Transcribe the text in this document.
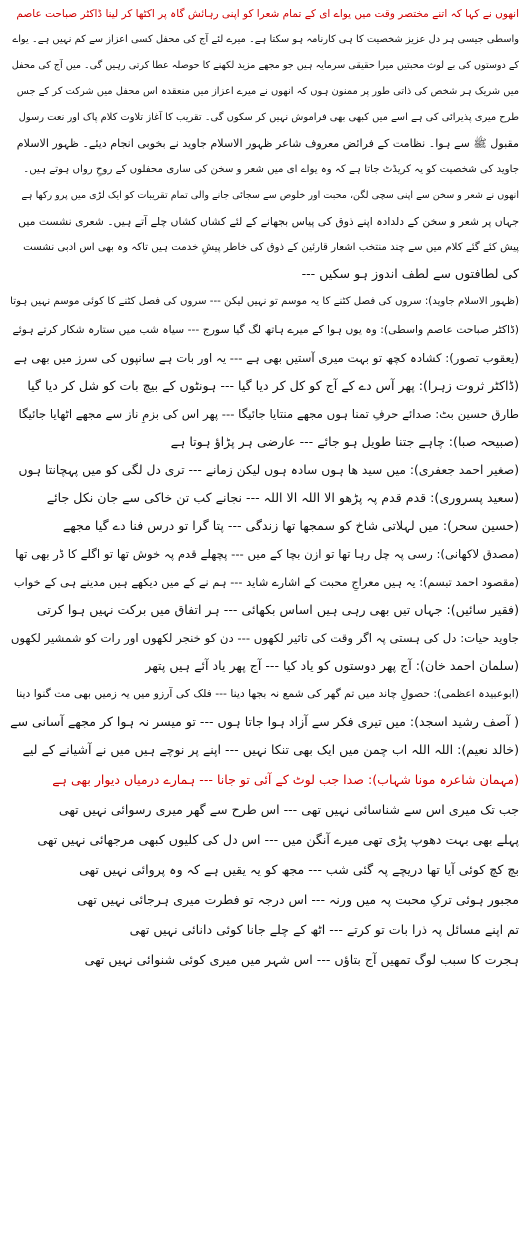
انھوں نے کہا کہ اتنے مختصر وقت میں یواے ای کے تمام شعرا کو اپنی رہائش گاہ پر اکٹھا کر لینا ڈاکٹر صباحت عاصم
واسطی جیسی ہر دل عزیز شخصیت کا ہی کارنامہ ہو سکتا ہے۔ میرے لئے آج کی محفل کسی اعزاز سے کم نہیں ہے۔ یواے
کے دوستوں کی بے لوث محبتیں میرا حقیقی سرمایہ ہیں جو مجھے مزید لکھنے کا حوصلہ عطا کرتی رہیں گی۔ میں آج کی محفل
میں شریک ہر شخص کی ذاتی طور پر ممنون ہوں کہ انھوں نے میرے اعزاز میں منعقدہ اس محفل میں شرکت کر کے جس
طرح میری پذیرائی کی ہے اسے میں کبھی بھی فراموش نہیں کر سکوں گی۔ تقریب کا آغاز تلاوت کلام پاک اور نعت رسول
مقبول ﷺ سے ہوا۔ نظامت کے فرائض معروف شاعر ظہور الاسلام جاوید نے بخوبی انجام دیئے۔ ظہور الاسلام
جاوید کی شخصیت کو یہ کریڈٹ جاتا ہے کہ وہ یواے ای میں شعر و سخن کی ساری محفلوں کے روحِ رواں ہوتے ہیں۔
انھوں نے شعر و سخن سے اپنی سچی لگن، محبت اور خلوص سے سجائی جانے والی تمام تقریبات کو ایک لڑی میں پرو رکھا ہے
جہاں پر شعر و سخن کے دلدادہ اپنے ذوق کی پیاس بجھانے کے لئے کشاں کشاں چلے آتے ہیں۔ شعری نشست میں
پیش کئے گئے کلام میں سے چند منتخب اشعار قارئین کے ذوق کی خاطر پیشِ خدمت ہیں تاکہ وہ بھی اس ادبی نشست
کی لطافتوں سے لطف اندوز ہو سکیں ---
(ظہور الاسلام جاوید): سروں کی فصل کٹنے کا یہ موسم تو نہیں لیکن --- سروں کی فصل کٹنے کا کوئی موسم نہیں ہوتا
(ڈاکٹر صباحت عاصم واسطی): وہ یوں ہوا کے میرے ہاتھ لگ گیا سورج --- سیاہ شب میں ستارہ شکار کرتے ہوئے
(یعقوب تصور): کشادہ کچھ تو بہت میری آستیں بھی ہے --- یہ اور بات ہے سانپوں کی سرز میں بھی ہے
(ڈاکٹر ثروت زہرا): پھر آس دے کے آج کو کل کر دیا گیا --- ہونٹوں کے بیچ بات کو شل کر دیا گیا
طارق حسین بٹ: صدائے حرفِ تمنا ہوں مجھے منتایا جائیگا --- پھر اس کی بزمِ ناز سے مجھے اٹھایا جائیگا
(صبیحہ صبا): چاہے جتنا طویل ہو جائے --- عارضی ہر پڑاؤ ہوتا ہے
(صغیر احمد جعفری): میں سید ھا ہوں سادہ ہوں لیکن زمانے --- تری دل لگی کو میں پہچانتا ہوں
(سعید پسروری): قدم قدم پہ پڑھو الا اللہ الا اللہ --- نجانے کب تن خاکی سے جان نکل جائے
(حسین سحر): میں لہلاتی شاخ کو سمجھا تھا زندگی --- پتا گرا تو درس فنا دے گیا مجھے
(مصدق لاکھانی): رسی پہ چل رہا تھا تو ازن بچا کے میں --- پچھلے قدم پہ خوش تھا تو اگلے کا ڈر بھی تھا
(مقصود احمد تبسم): یہ ہیں معراجِ محبت کے اشارے شاید --- ہم نے کے میں دیکھے ہیں مدینے ہی کے خواب
(فقیر سائیں): جہاں تیں بھی رہی ہیں اساس بکھائی --- ہر اتفاق میں برکت نہیں ہوا کرتی
جاوید حیات: دل کی ہستی پہ اگر وقت کی تاثیر لکھوں --- دن کو خنجر لکھوں اور رات کو شمشیر لکھوں
(سلمان احمد خان): آج پھر دوستوں کو یاد کیا --- آج پھر یاد آئے ہیں پتھر
(ابوعبیدہ اعظمی): حصولِ چاند میں تم گھر کی شمع نہ بجھا دینا --- فلک کی آرزو میں یہ زمیں بھی مت گنوا دینا
( آصف رشید اسجد): میں تیری فکر سے آزاد ہوا جاتا ہوں --- تو میسر نہ ہوا کر مجھے آسانی سے
(خالد نعیم): اللہ اللہ اب چمن میں ایک بھی تنکا نہیں --- اپنے پر نوچے ہیں میں نے آشیانے کے لیے
(مہمان شاعرہ مونا شہاب): صدا جب لوٹ کے آئی تو جانا --- ہمارے درمیاں دیوار بھی ہے
جب تک میری اس سے شناسائی نہیں تھی --- اس طرح سے گھر میری رسوائی نہیں تھی
پہلے بھی بہت دھوپ پڑی تھی میرے آنگن میں --- اس دل کی کلیوں کبھی مرجھائی نہیں تھی
بچ کچ کوئی آیا تھا دریچے پہ گئی شب --- مجھ کو یہ یقیں ہے کہ وہ پروائی نہیں تھی
مجبور ہوئی ترکِ محبت پہ میں ورنہ --- اس درجہ تو فطرت میری ہرجائی نہیں تھی
تم اپنے مسائل پہ ذرا بات تو کرتے --- اٹھ کے چلے جانا کوئی دانائی نہیں تھی
ہجرت کا سبب لوگ تمھیں آج بتاؤں --- اس شہر میں میری کوئی شنوائی نہیں تھی
